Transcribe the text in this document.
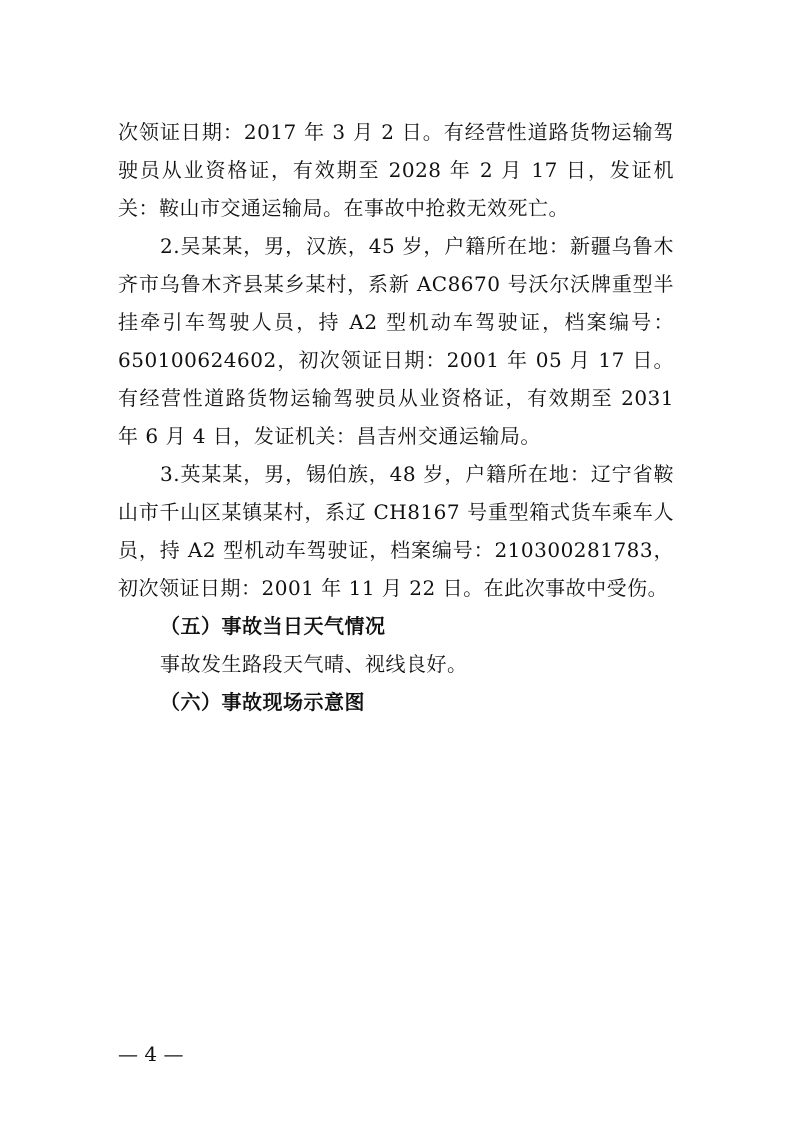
次领证日期：2017 年 3 月 2 日。有经营性道路货物运输驾驶员从业资格证，有效期至 2028 年 2 月 17 日，发证机关：鞍山市交通运输局。在事故中抢救无效死亡。

2.吴某某，男，汉族，45 岁，户籍所在地：新疆乌鲁木齐市乌鲁木齐县某乡某村，系新 AC8670 号沃尔沃牌重型半挂牵引车驾驶人员，持 A2 型机动车驾驶证，档案编号：650100624602，初次领证日期：2001 年 05 月 17 日。有经营性道路货物运输驾驶员从业资格证，有效期至 2031 年 6 月 4 日，发证机关：昌吉州交通运输局。

3.英某某，男，锡伯族，48 岁，户籍所在地：辽宁省鞍山市千山区某镇某村，系辽 CH8167 号重型箱式货车乘车人员，持 A2 型机动车驾驶证，档案编号：210300281783，初次领证日期：2001 年 11 月 22 日。在此次事故中受伤。

（五）事故当日天气情况

事故发生路段天气晴、视线良好。

（六）事故现场示意图

— 4 —
